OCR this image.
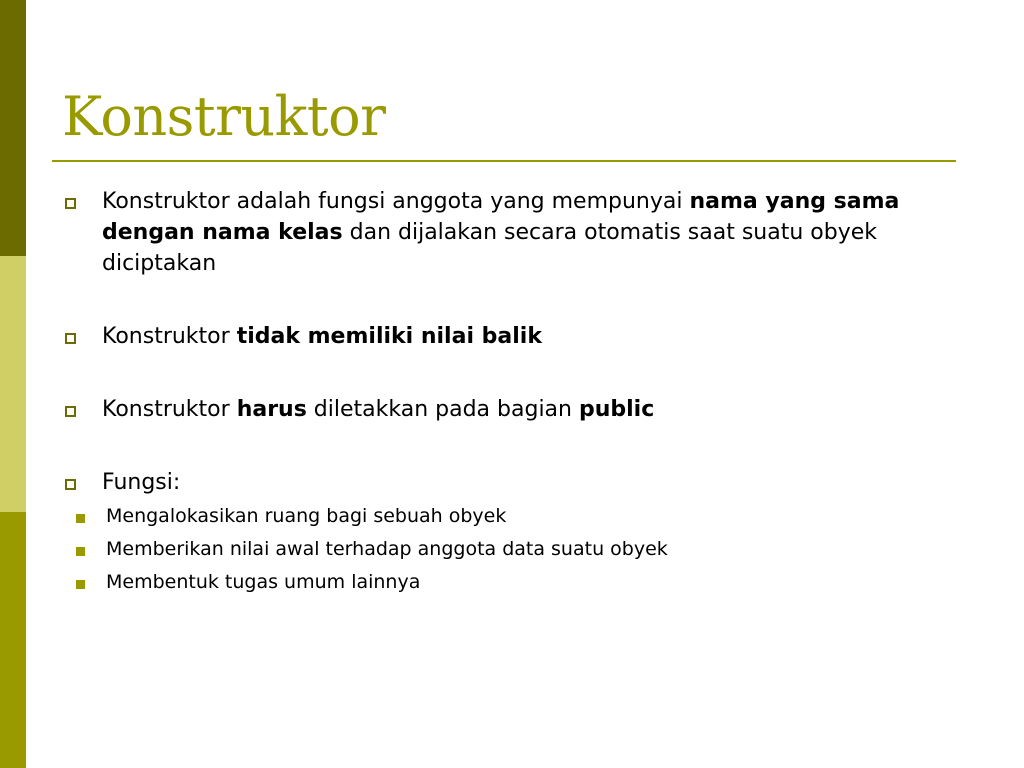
Konstruktor

Konstruktor adalah fungsi anggota yang mempunyai nama yang sama dengan nama kelas dan dijalakan secara otomatis saat suatu obyek diciptakan

Konstruktor tidak memiliki nilai balik

Konstruktor harus diletakkan pada bagian public

Fungsi:
Mengalokasikan ruang bagi sebuah obyek
Memberikan nilai awal terhadap anggota data suatu obyek
Membentuk tugas umum lainnya
